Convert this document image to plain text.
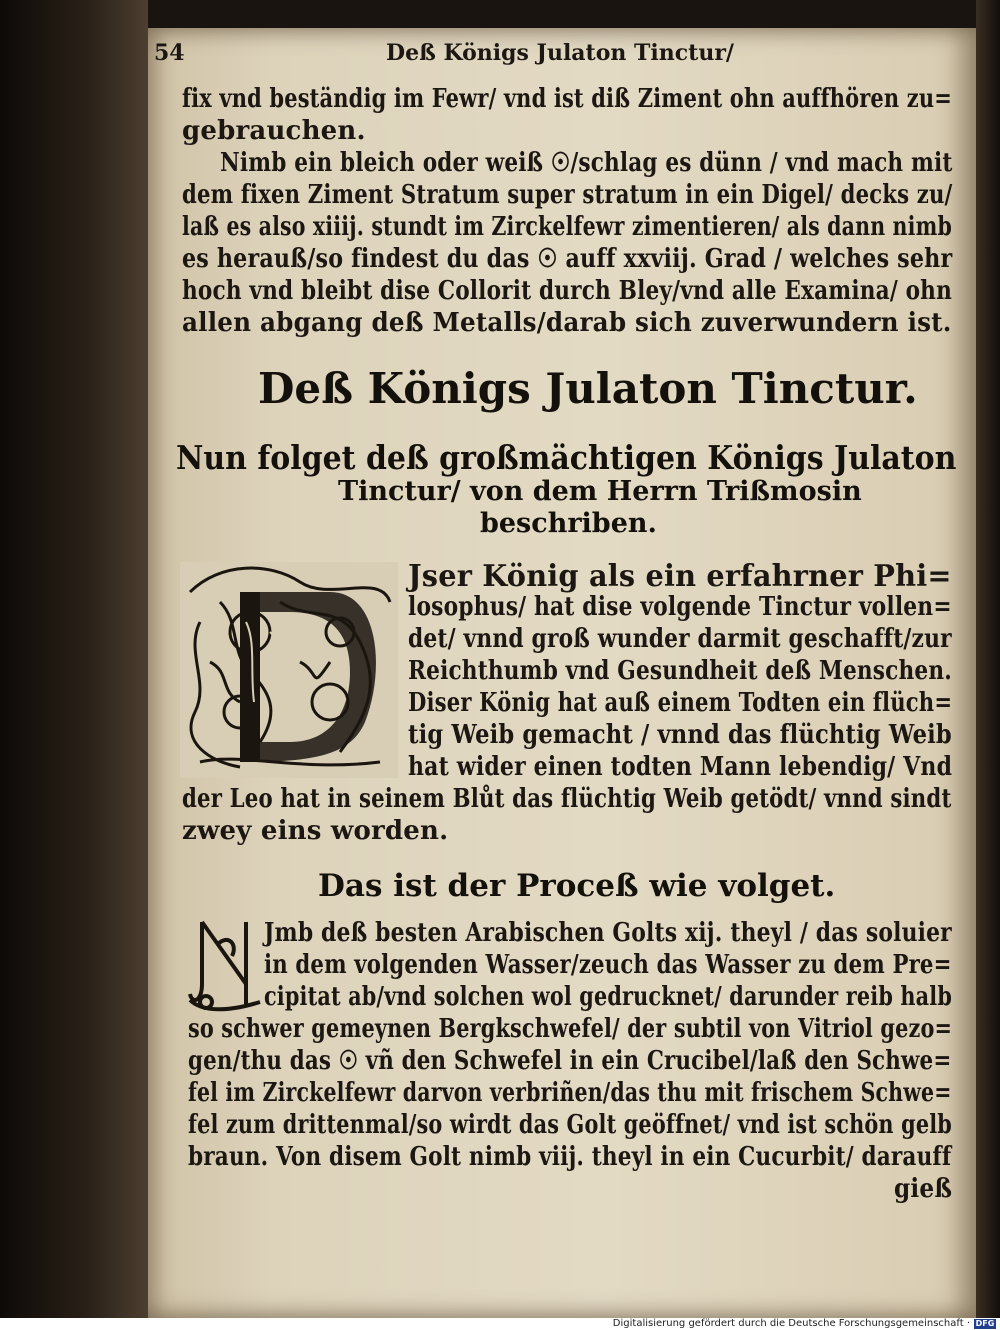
54	Deß Königs Julaton Tinctur/
fix vnd beständig im Fewr/ vnd ist diß Ziment ohn auffhören zu=
gebrauchen.
Nimb ein bleich oder weiß ☉/schlag es dünn / vnd mach mit
dem fixen Ziment Stratum super stratum in ein Digel/ decks zu/
laß es also xiiij. stundt im Zirckelfewr zimentieren/ als dann nimb
es herauß/so findest du das ☉ auff xxviij. Grad / welches sehr
hoch vnd bleibt dise Collorit durch Bley/vnd alle Examina/ ohn
allen abgang deß Metalls/darab sich zuverwundern ist.
Deß Königs Julaton Tinctur.
Nun folget deß großmächtigen Königs Julaton
Tinctur/ von dem Herrn Trißmosin
beschriben.
Jser König als ein erfahrner Phi=
losophus/ hat dise volgende Tinctur vollen=
det/ vnnd groß wunder darmit geschafft/zur
Reichthumb vnd Gesundheit deß Menschen.
Diser König hat auß einem Todten ein flüch=
tig Weib gemacht / vnnd das flüchtig Weib
hat wider einen todten Mann lebendig/ Vnd
der Leo hat in seinem Blůt das flüchtig Weib getödt/ vnnd sindt
zwey eins worden.
Das ist der Proceß wie volget.
Jmb deß besten Arabischen Golts xij. theyl / das soluier
in dem volgenden Wasser/zeuch das Wasser zu dem Pre=
cipitat ab/vnd solchen wol gedrucknet/ darunder reib halb
so schwer gemeynen Bergkschwefel/ der subtil von Vitriol gezo=
gen/thu das ☉ vñ den Schwefel in ein Crucibel/laß den Schwe=
fel im Zirckelfewr darvon verbriñen/das thu mit frischem Schwe=
fel zum drittenmal/so wirdt das Golt geöffnet/ vnd ist schön gelb
braun. Von disem Golt nimb viij. theyl in ein Cucurbit/ darauff
gieß
Digitalisierung gefördert durch die Deutsche Forschungsgemeinschaft · DFG
